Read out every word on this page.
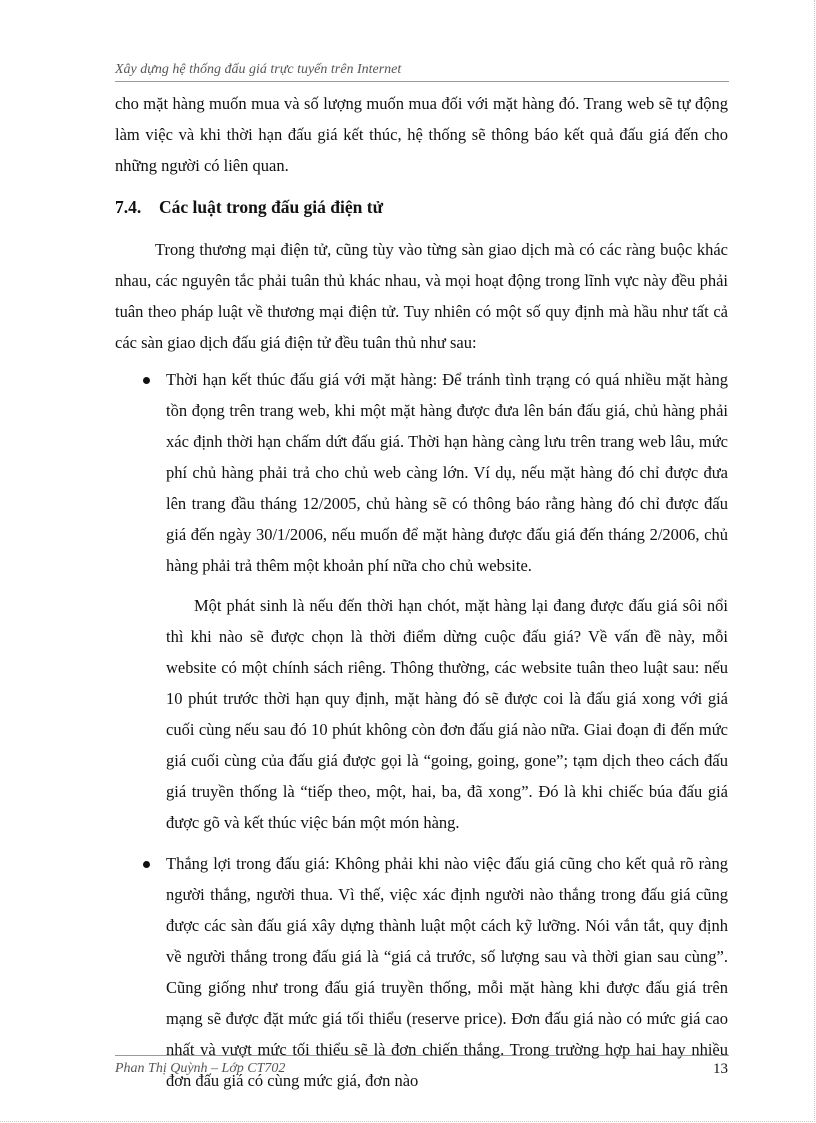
Xây dựng hệ thống đấu giá trực tuyến trên Internet

cho mặt hàng muốn mua và số lượng muốn mua đối với mặt hàng đó. Trang web sẽ tự động làm việc và khi thời hạn đấu giá kết thúc, hệ thống sẽ thông báo kết quả đấu giá đến cho những người có liên quan.

7.4. Các luật trong đấu giá điện tử

Trong thương mại điện tử, cũng tùy vào từng sàn giao dịch mà có các ràng buộc khác nhau, các nguyên tắc phải tuân thủ khác nhau, và mọi hoạt động trong lĩnh vực này đều phải tuân theo pháp luật về thương mại điện tử. Tuy nhiên có một số quy định mà hầu như tất cả các sàn giao dịch đấu giá điện tử đều tuân thủ như sau:

Thời hạn kết thúc đấu giá với mặt hàng: Để tránh tình trạng có quá nhiều mặt hàng tồn đọng trên trang web, khi một mặt hàng được đưa lên bán đấu giá, chủ hàng phải xác định thời hạn chấm dứt đấu giá. Thời hạn hàng càng lưu trên trang web lâu, mức phí chủ hàng phải trả cho chủ web càng lớn. Ví dụ, nếu mặt hàng đó chỉ được đưa lên trang đầu tháng 12/2005, chủ hàng sẽ có thông báo rằng hàng đó chỉ được đấu giá đến ngày 30/1/2006, nếu muốn để mặt hàng được đấu giá đến tháng 2/2006, chủ hàng phải trả thêm một khoản phí nữa cho chủ website.

Một phát sinh là nếu đến thời hạn chót, mặt hàng lại đang được đấu giá sôi nổi thì khi nào sẽ được chọn là thời điểm dừng cuộc đấu giá? Về vấn đề này, mỗi website có một chính sách riêng. Thông thường, các website tuân theo luật sau: nếu 10 phút trước thời hạn quy định, mặt hàng đó sẽ được coi là đấu giá xong với giá cuối cùng nếu sau đó 10 phút không còn đơn đấu giá nào nữa. Giai đoạn đi đến mức giá cuối cùng của đấu giá được gọi là “going, going, gone”; tạm dịch theo cách đấu giá truyền thống là “tiếp theo, một, hai, ba, đã xong”. Đó là khi chiếc búa đấu giá được gõ và kết thúc việc bán một món hàng.

Thắng lợi trong đấu giá: Không phải khi nào việc đấu giá cũng cho kết quả rõ ràng người thắng, người thua. Vì thế, việc xác định người nào thắng trong đấu giá cũng được các sàn đấu giá xây dựng thành luật một cách kỹ lưỡng. Nói vắn tắt, quy định về người thắng trong đấu giá là “giá cả trước, số lượng sau và thời gian sau cùng”. Cũng giống như trong đấu giá truyền thống, mỗi mặt hàng khi được đấu giá trên mạng sẽ được đặt mức giá tối thiểu (reserve price). Đơn đấu giá nào có mức giá cao nhất và vượt mức tối thiểu sẽ là đơn chiến thắng. Trong trường hợp hai hay nhiều đơn đấu giá có cùng mức giá, đơn nào

Phan Thị Quỳnh – Lớp CT702	13
